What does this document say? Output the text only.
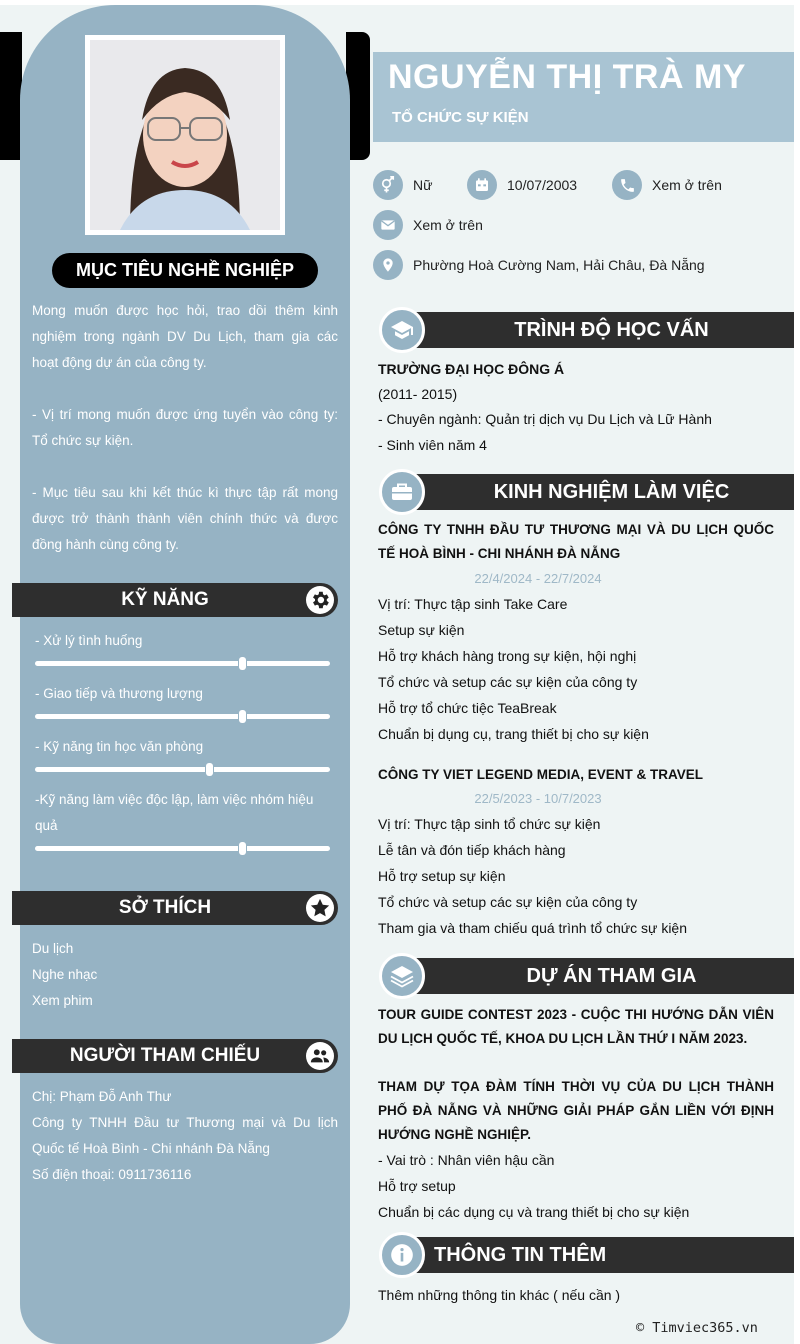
MỤC TIÊU NGHỀ NGHIỆP
Mong muốn được học hỏi, trao dồi thêm kinh nghiệm trong ngành DV Du Lịch, tham gia các hoạt động dự án của công ty.
- Vị trí mong muốn được ứng tuyển vào công ty: Tổ chức sự kiện.
- Mục tiêu sau khi kết thúc kì thực tập rất mong được trở thành thành viên chính thức và được đồng hành cùng công ty.
KỸ NĂNG
- Xử lý tình huống
- Giao tiếp và thương lượng
- Kỹ năng tin học văn phòng
-Kỹ năng làm việc độc lập, làm việc nhóm hiệu quả
SỞ THÍCH
Du lịch
Nghe nhạc
Xem phim
NGƯỜI THAM CHIẾU
Chị: Phạm Đỗ Anh Thư
Công ty TNHH Đầu tư Thương mại và Du lịch Quốc tế Hoà Bình - Chi nhánh Đà Nẵng
Số điện thoại: 0911736116
NGUYỄN THỊ TRÀ MY
TỔ CHỨC SỰ KIỆN
Nữ	10/07/2003	Xem ở trên
Xem ở trên
Phường Hoà Cường Nam, Hải Châu, Đà Nẵng
TRÌNH ĐỘ HỌC VẤN
TRƯỜNG ĐẠI HỌC ĐÔNG Á
(2011- 2015)
- Chuyên ngành: Quản trị dịch vụ Du Lịch và Lữ Hành
- Sinh viên năm 4
KINH NGHIỆM LÀM VIỆC
CÔNG TY TNHH ĐẦU TƯ THƯƠNG MẠI VÀ DU LỊCH QUỐC TẾ HOÀ BÌNH - CHI NHÁNH ĐÀ NẴNG
22/4/2024 - 22/7/2024
Vị trí: Thực tập sinh Take Care
Setup sự kiện
Hỗ trợ khách hàng trong sự kiện, hội nghị
Tổ chức và setup các sự kiện của công ty
Hỗ trợ tổ chức tiệc TeaBreak
Chuẩn bị dụng cụ, trang thiết bị cho sự kiện
CÔNG TY VIET LEGEND MEDIA, EVENT & TRAVEL
22/5/2023 - 10/7/2023
Vị trí: Thực tập sinh tổ chức sự kiện
Lễ tân và đón tiếp khách hàng
Hỗ trợ setup sự kiện
Tổ chức và setup các sự kiện của công ty
Tham gia và tham chiếu quá trình tổ chức sự kiện
DỰ ÁN THAM GIA
TOUR GUIDE CONTEST 2023 - CUỘC THI HƯỚNG DẪN VIÊN DU LỊCH QUỐC TẾ, KHOA DU LỊCH LẦN THỨ I NĂM 2023.
THAM DỰ TỌA ĐÀM TÍNH THỜI VỤ CỦA DU LỊCH THÀNH PHỐ ĐÀ NẴNG VÀ NHỮNG GIẢI PHÁP GẮN LIỀN VỚI ĐỊNH HƯỚNG NGHỀ NGHIỆP.
- Vai trò : Nhân viên hậu cần
Hỗ trợ setup
Chuẩn bị các dụng cụ và trang thiết bị cho sự kiện
THÔNG TIN THÊM
Thêm những thông tin khác ( nếu cần )
© Timviec365.vn
